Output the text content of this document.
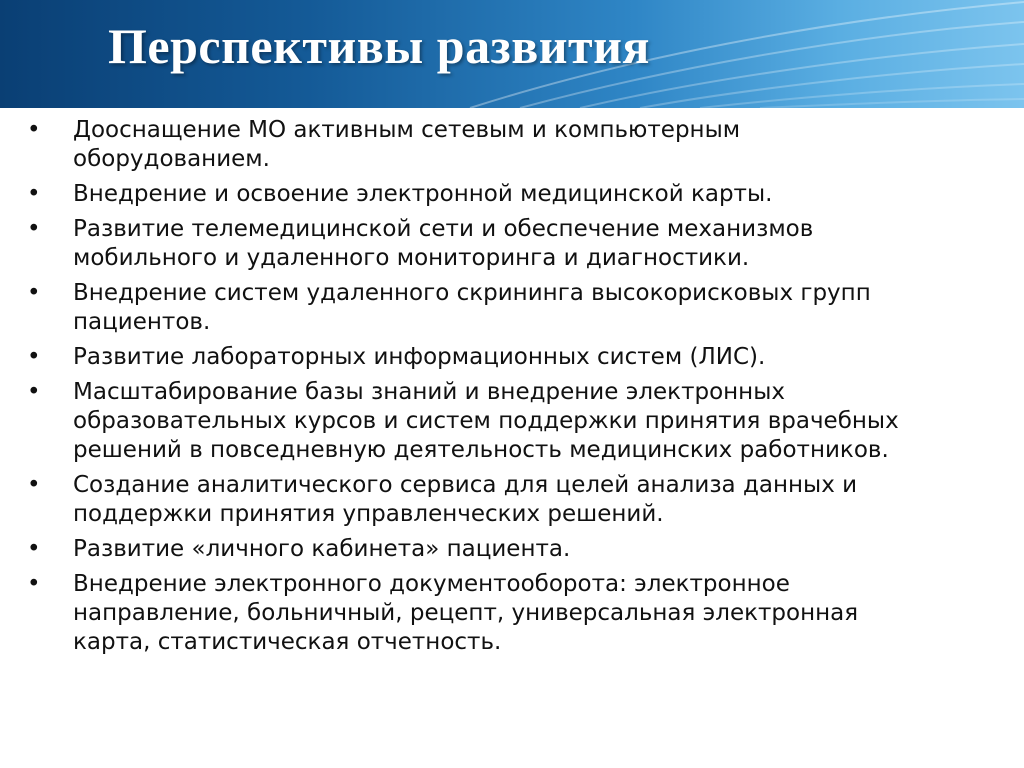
Перспективы развития
• Дооснащение МО активным сетевым и компьютерным
оборудованием.
• Внедрение и освоение электронной медицинской карты.
• Развитие телемедицинской сети и обеспечение механизмов
мобильного и удаленного мониторинга и диагностики.
• Внедрение систем удаленного скрининга высокорисковых групп
пациентов.
• Развитие лабораторных информационных систем (ЛИС).
• Масштабирование базы знаний и внедрение электронных
образовательных курсов и систем поддержки принятия врачебных
решений в повседневную деятельность медицинских работников.
• Создание аналитического сервиса для целей анализа данных и
поддержки принятия управленческих решений.
• Развитие «личного кабинета» пациента.
• Внедрение электронного документооборота: электронное
направление, больничный, рецепт, универсальная электронная
карта, статистическая отчетность.
